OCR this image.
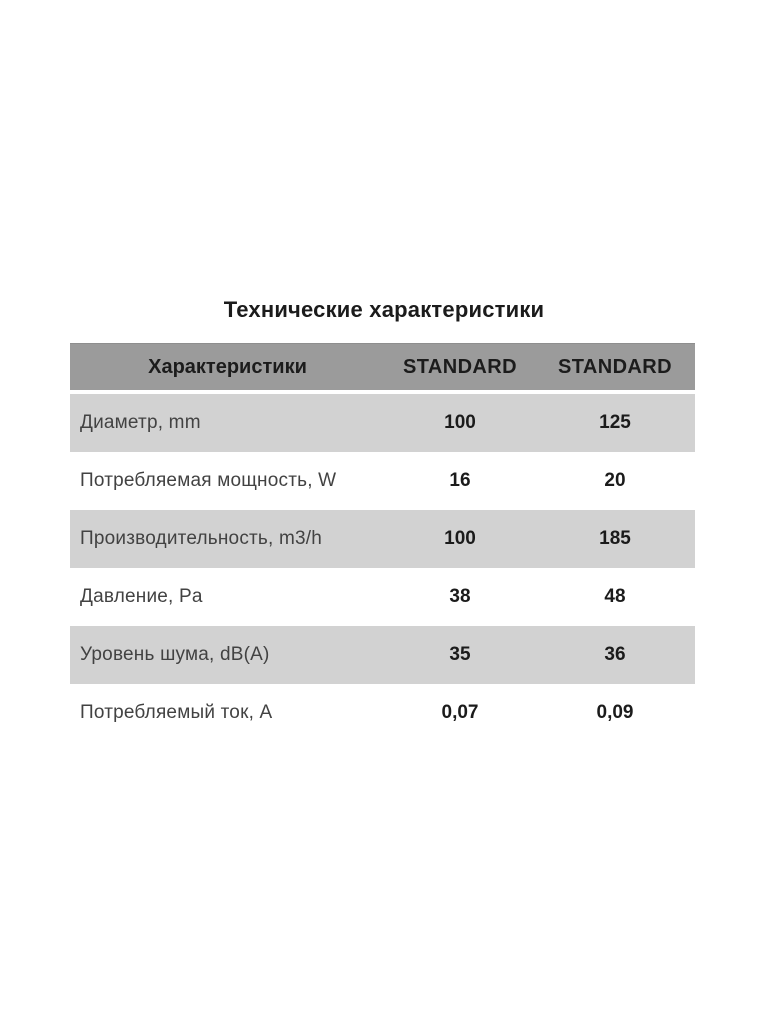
Технические характеристики
Характеристики	STANDARD	STANDARD
Диаметр, mm	100	125
Потребляемая мощность, W	16	20
Производительность, m3/h	100	185
Давление, Pa	38	48
Уровень шума, dB(A)	35	36
Потребляемый ток, А	0,07	0,09
